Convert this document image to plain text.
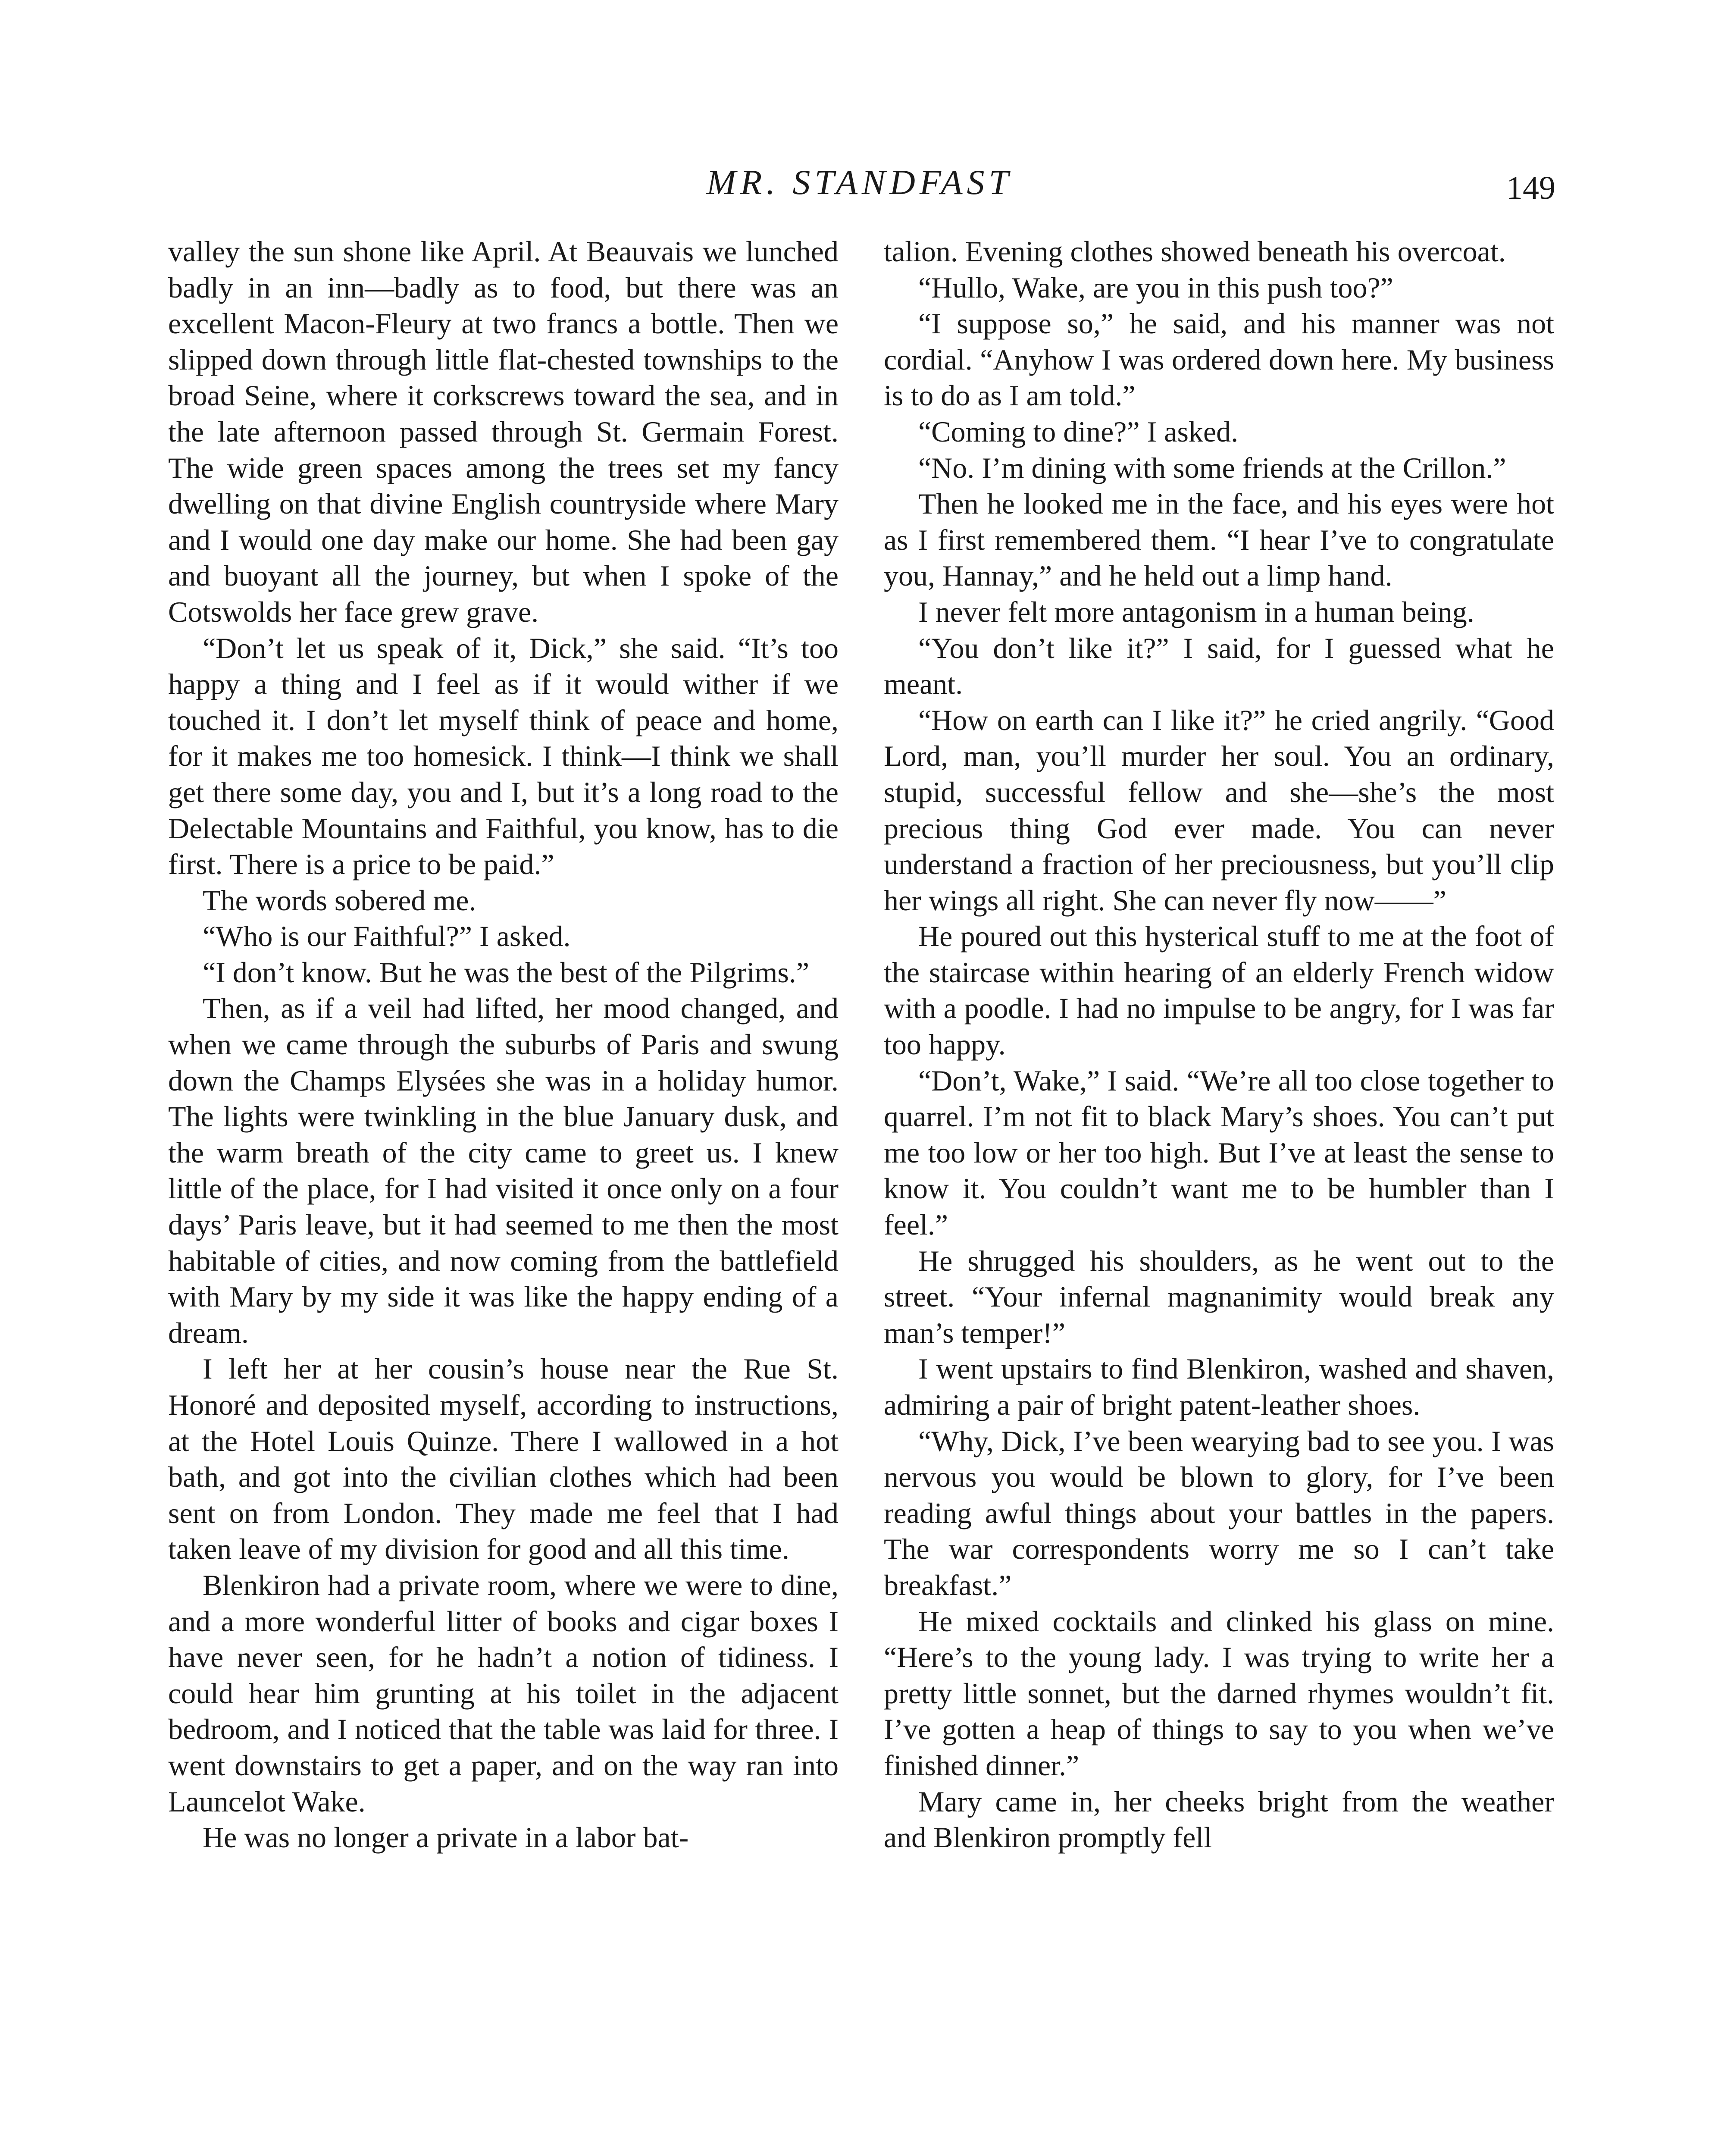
MR. STANDFAST	149

valley the sun shone like April. At Beauvais we lunched badly in an inn—badly as to food, but there was an excellent Macon-Fleury at two francs a bottle. Then we slipped down through little flat-chested townships to the broad Seine, where it corkscrews toward the sea, and in the late afternoon passed through St. Germain Forest. The wide green spaces among the trees set my fancy dwelling on that divine English countryside where Mary and I would one day make our home. She had been gay and buoyant all the journey, but when I spoke of the Cotswolds her face grew grave.

“Don’t let us speak of it, Dick,” she said. “It’s too happy a thing and I feel as if it would wither if we touched it. I don’t let myself think of peace and home, for it makes me too homesick. I think—I think we shall get there some day, you and I, but it’s a long road to the Delectable Mountains and Faithful, you know, has to die first. There is a price to be paid.”

The words sobered me.

“Who is our Faithful?” I asked.

“I don’t know. But he was the best of the Pilgrims.”

Then, as if a veil had lifted, her mood changed, and when we came through the suburbs of Paris and swung down the Champs Elysées she was in a holiday humor. The lights were twinkling in the blue January dusk, and the warm breath of the city came to greet us. I knew little of the place, for I had visited it once only on a four days’ Paris leave, but it had seemed to me then the most habitable of cities, and now coming from the battlefield with Mary by my side it was like the happy ending of a dream.

I left her at her cousin’s house near the Rue St. Honoré and deposited myself, according to instructions, at the Hotel Louis Quinze. There I wallowed in a hot bath, and got into the civilian clothes which had been sent on from London. They made me feel that I had taken leave of my division for good and all this time.

Blenkiron had a private room, where we were to dine, and a more wonderful litter of books and cigar boxes I have never seen, for he hadn’t a notion of tidiness. I could hear him grunting at his toilet in the adjacent bedroom, and I noticed that the table was laid for three. I went downstairs to get a paper, and on the way ran into Launcelot Wake.

He was no longer a private in a labor bat-

talion. Evening clothes showed beneath his overcoat.

“Hullo, Wake, are you in this push too?”

“I suppose so,” he said, and his manner was not cordial. “Anyhow I was ordered down here. My business is to do as I am told.”

“Coming to dine?” I asked.

“No. I’m dining with some friends at the Crillon.”

Then he looked me in the face, and his eyes were hot as I first remembered them. “I hear I’ve to congratulate you, Hannay,” and he held out a limp hand.

I never felt more antagonism in a human being.

“You don’t like it?” I said, for I guessed what he meant.

“How on earth can I like it?” he cried angrily. “Good Lord, man, you’ll murder her soul. You an ordinary, stupid, successful fellow and she—she’s the most precious thing God ever made. You can never understand a fraction of her preciousness, but you’ll clip her wings all right. She can never fly now——”

He poured out this hysterical stuff to me at the foot of the staircase within hearing of an elderly French widow with a poodle. I had no impulse to be angry, for I was far too happy.

“Don’t, Wake,” I said. “We’re all too close together to quarrel. I’m not fit to black Mary’s shoes. You can’t put me too low or her too high. But I’ve at least the sense to know it. You couldn’t want me to be humbler than I feel.”

He shrugged his shoulders, as he went out to the street. “Your infernal magnanimity would break any man’s temper!”

I went upstairs to find Blenkiron, washed and shaven, admiring a pair of bright patent-leather shoes.

“Why, Dick, I’ve been wearying bad to see you. I was nervous you would be blown to glory, for I’ve been reading awful things about your battles in the papers. The war correspondents worry me so I can’t take breakfast.”

He mixed cocktails and clinked his glass on mine. “Here’s to the young lady. I was trying to write her a pretty little sonnet, but the darned rhymes wouldn’t fit. I’ve gotten a heap of things to say to you when we’ve finished dinner.”

Mary came in, her cheeks bright from the weather and Blenkiron promptly fell
